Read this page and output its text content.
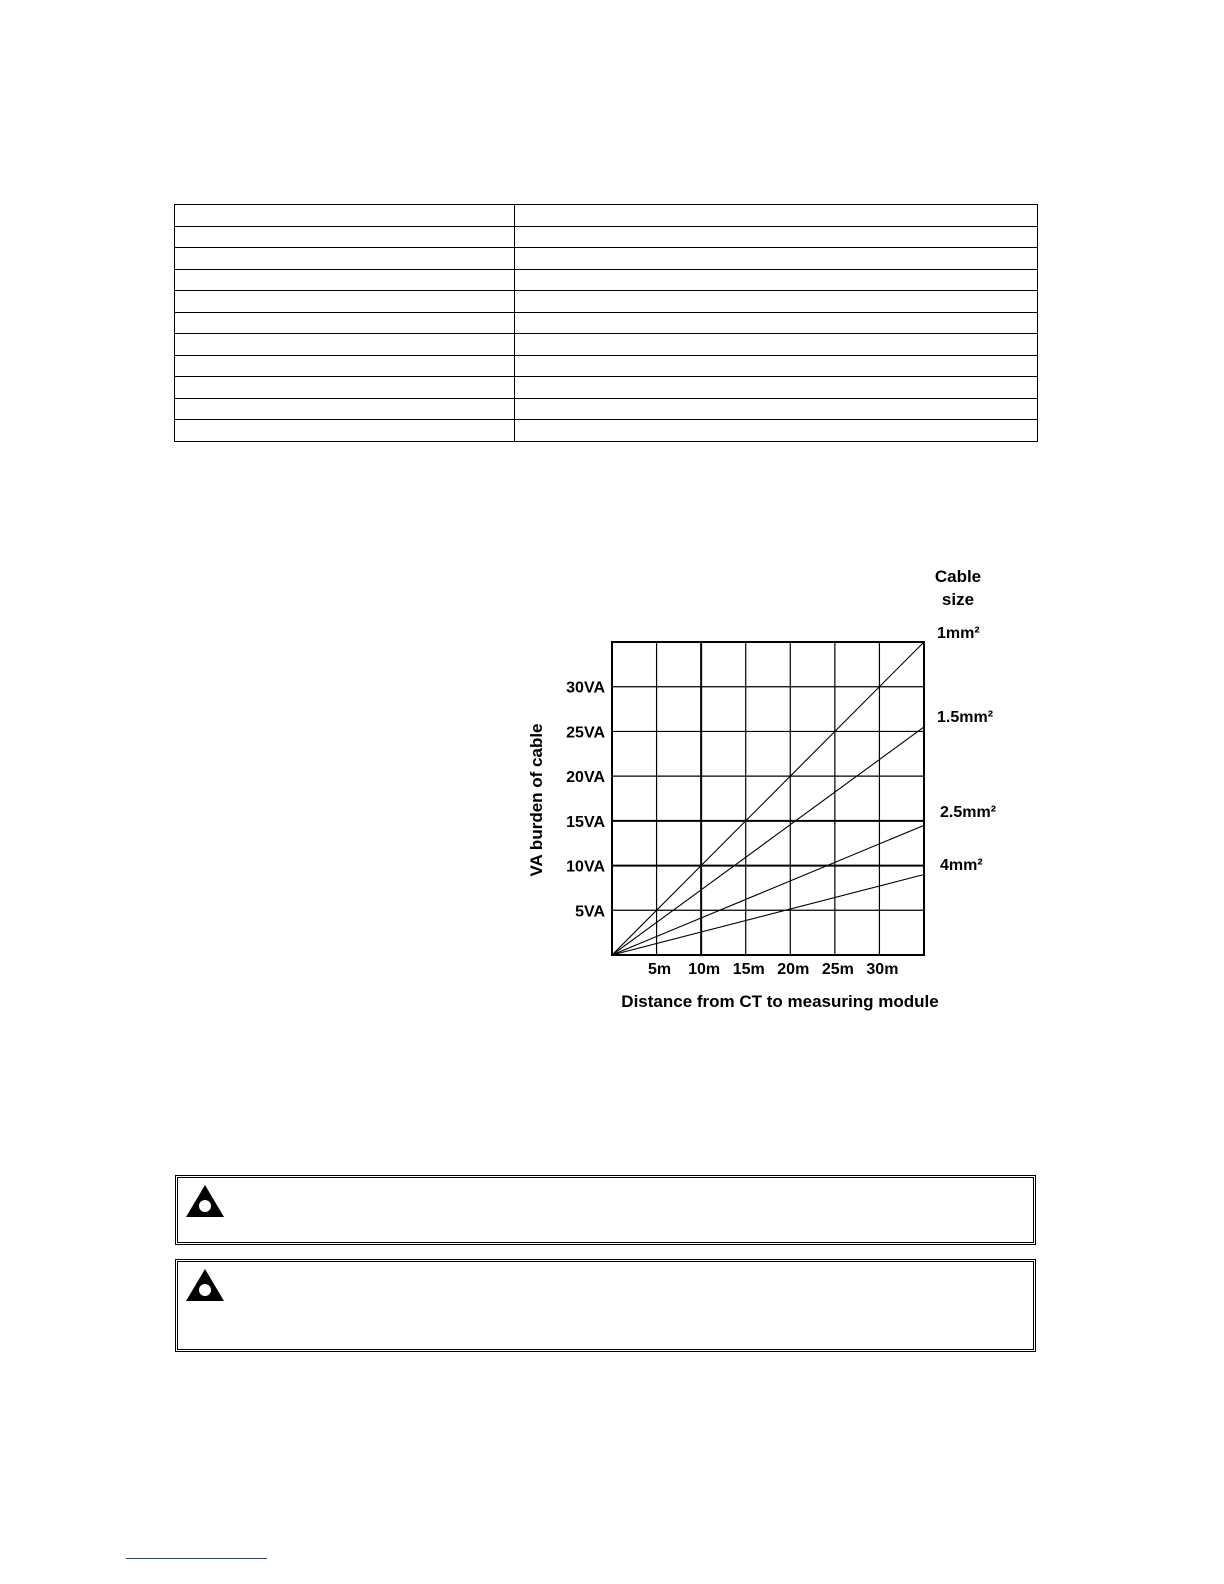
Cable
size
VA burden of cable
Distance from CT to measuring module
5m 10m 15m 20m 25m 30m
5VA
10VA
15VA
20VA
25VA
30VA
1mm²
1.5mm²
2.5mm²
4mm²
